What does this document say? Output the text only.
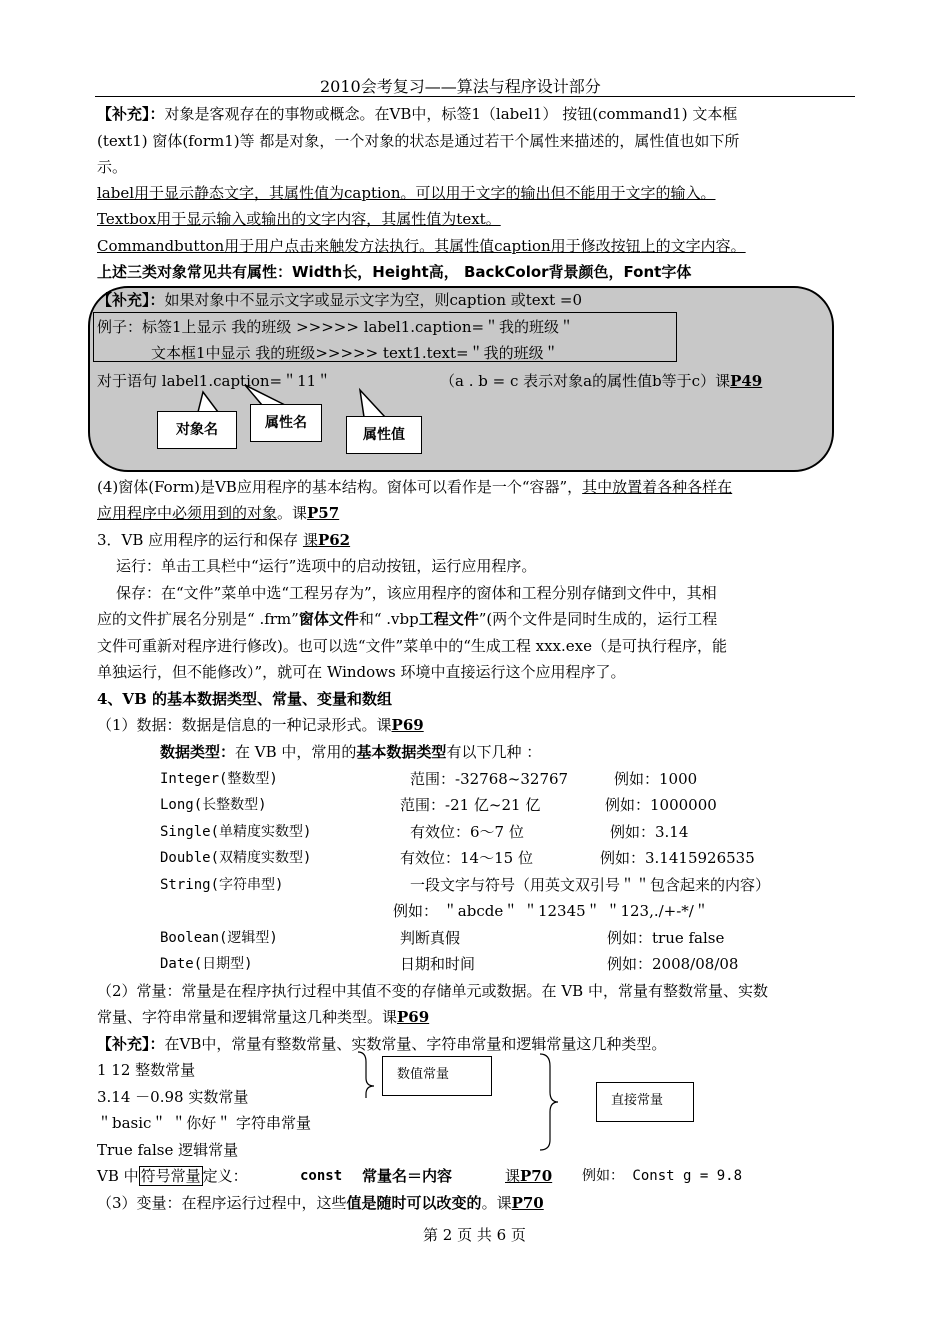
2010会考复习——算法与程序设计部分
【补充】：对象是客观存在的事物或概念。在VB中，标签1（label1） 按钮(command1) 文本框
(text1) 窗体(form1)等 都是对象，一个对象的状态是通过若干个属性来描述的，属性值也如下所
示。
label用于显示静态文字，其属性值为caption。可以用于文字的输出但不能用于文字的输入。
Textbox用于显示输入或输出的文字内容，其属性值为text。
Commandbutton用于用户点击来触发方法执行。其属性值caption用于修改按钮上的文字内容。
上述三类对象常见共有属性：Width长，Height高， BackColor背景颜色，Font字体
【补充】：如果对象中不显示文字或显示文字为空，则caption 或text =0
例子：标签1上显示 我的班级 >>>>> label1.caption=＂我的班级＂
文本框1中显示 我的班级>>>>> text1.text=＂我的班级＂
对于语句 label1.caption=＂11＂	（a . b = c 表示对象a的属性值b等于c）课P49
对象名	属性名
属性值
(4)窗体(Form)是VB应用程序的基本结构。窗体可以看作是一个“容器”，其中放置着各种各样在
应用程序中必须用到的对象。课P57
3．VB 应用程序的运行和保存 课P62
运行：单击工具栏中“运行”选项中的启动按钮，运行应用程序。
保存：在“文件”菜单中选“工程另存为”，该应用程序的窗体和工程分别存储到文件中，其相
应的文件扩展名分别是“ .frm”窗体文件和“ .vbp工程文件”(两个文件是同时生成的，运行工程
文件可重新对程序进行修改)。也可以选“文件”菜单中的“生成工程 xxx.exe（是可执行程序，能
单独运行，但不能修改）”，就可在 Windows 环境中直接运行这个应用程序了。
4、VB 的基本数据类型、常量、变量和数组
（1）数据：数据是信息的一种记录形式。课P69
数据类型：在 VB 中，常用的基本数据类型有以下几种 ：
Integer(整数型)	范围：-32768~32767	例如：1000
Long(长整数型)	范围：-21 亿~21 亿	例如：1000000
Single(单精度实数型)	有效位：6～7 位	例如：3.14
Double(双精度实数型)	有效位：14～15 位	例如：3.1415926535
String(字符串型)	一段文字与符号（用英文双引号＂＂包含起来的内容）
例如： ＂abcde＂ ＂12345＂ ＂123,./+-*/＂
Boolean(逻辑型)	判断真假	例如：true false
Date(日期型)	日期和时间	例如：2008/08/08
（2）常量：常量是在程序执行过程中其值不变的存储单元或数据。在 VB 中，常量有整数常量、实数
常量、字符串常量和逻辑常量这几种类型。课P69
【补充】：在VB中，常量有整数常量、实数常量、字符串常量和逻辑常量这几种类型。
1 12 整数常量
3.14 －0.98 实数常量
＂basic＂ ＂你好＂ 字符串常量
True false 逻辑常量
数值常量
直接常量
VB 中 符号常量 定义：	const 常量名＝内容	课P70 例如： Const g = 9.8
（3）变量：在程序运行过程中，这些值是随时可以改变的。课P70
第 2 页 共 6 页
